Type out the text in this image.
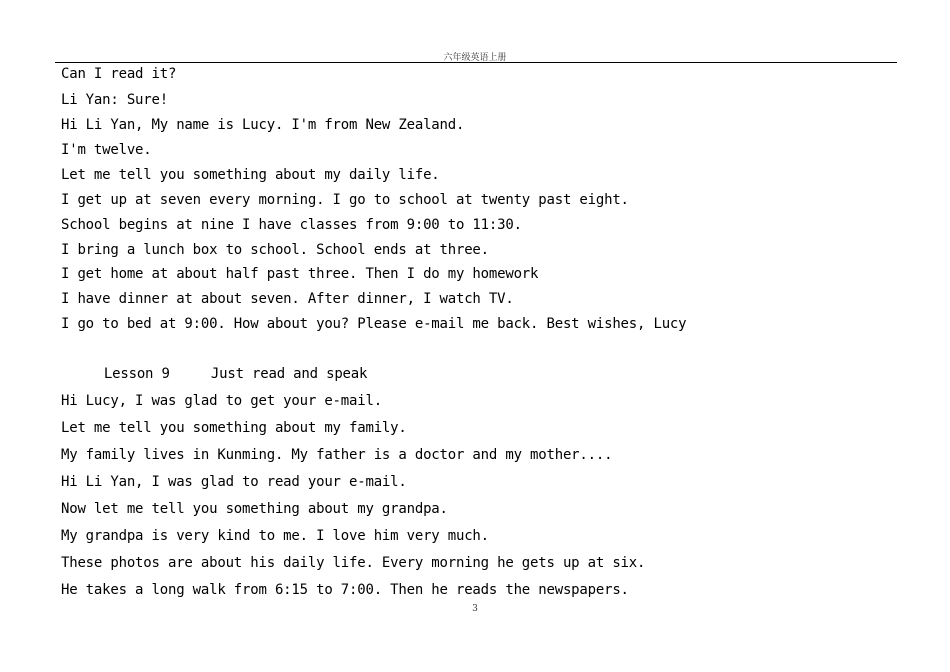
六年级英语上册
Can I read it?
Li Yan: Sure!
Hi Li Yan, My name is Lucy. I'm from New Zealand.
I'm twelve.
Let me tell you something about my daily life.
I get up at seven every morning. I go to school at twenty past eight.
School begins at nine I have classes from 9:00 to 11:30.
I bring a lunch box to school. School ends at three.
I get home at about half past three. Then I do my homework
I have dinner at about seven. After dinner, I watch TV.
I go to bed at 9:00. How about you? Please e-mail me back. Best wishes, Lucy
Lesson 9     Just read and speak
Hi Lucy, I was glad to get your e-mail.
Let me tell you something about my family.
My family lives in Kunming. My father is a doctor and my mother....
Hi Li Yan, I was glad to read your e-mail.
Now let me tell you something about my grandpa.
My grandpa is very kind to me. I love him very much.
These photos are about his daily life. Every morning he gets up at six.
He takes a long walk from 6:15 to 7:00. Then he reads the newspapers.
3
